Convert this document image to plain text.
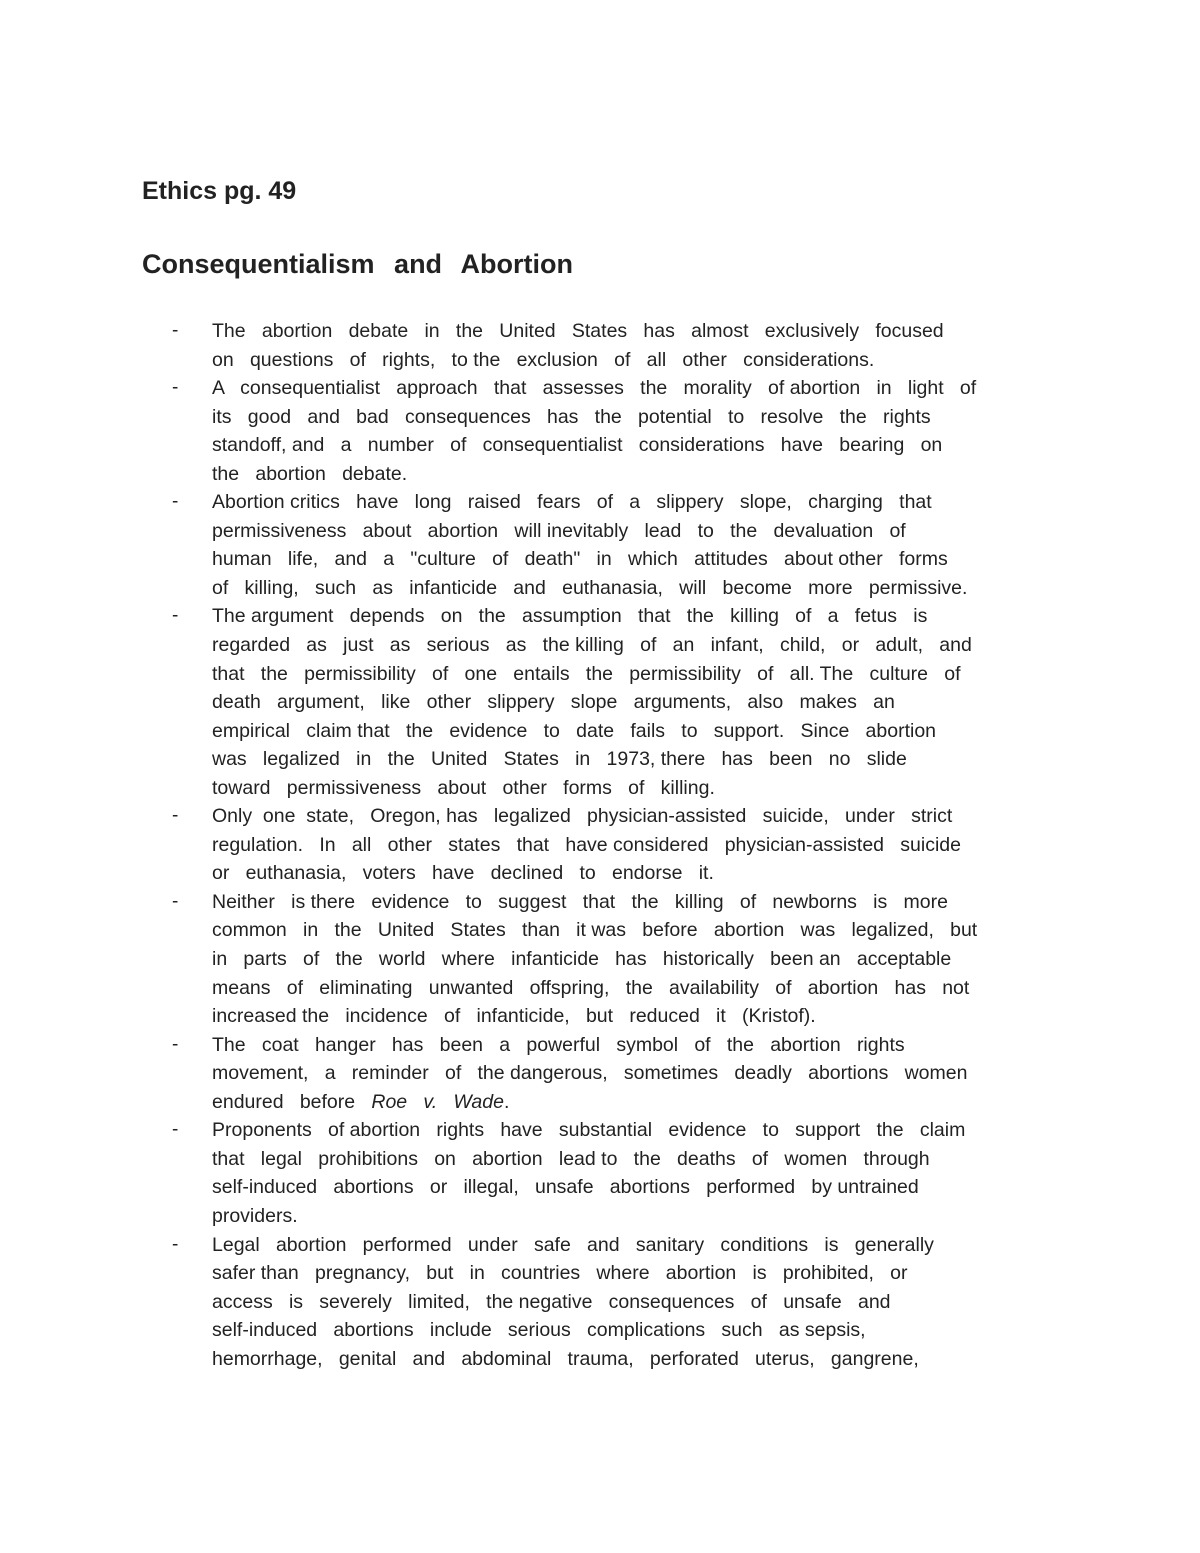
Ethics pg. 49
Consequentialism and Abortion
- The   abortion   debate   in   the   United   States   has   almost   exclusively   focused
on   questions   of   rights,   to the   exclusion   of   all   other   considerations.
- A   consequentialist   approach   that   assesses   the   morality   of abortion   in   light   of
its   good   and   bad   consequences   has   the   potential   to   resolve   the   rights
standoff, and   a   number   of   consequentialist   considerations   have   bearing   on
the   abortion   debate.
- Abortion critics   have   long   raised   fears   of   a   slippery   slope,   charging   that
permissiveness   about   abortion   will inevitably   lead   to   the   devaluation   of
human   life,   and   a   "culture   of   death"   in   which   attitudes   about other   forms
of   killing,   such   as   infanticide   and   euthanasia,   will   become   more   permissive.
- The argument   depends   on   the   assumption   that   the   killing   of   a   fetus   is
regarded   as   just   as   serious   as   the killing   of   an   infant,   child,   or   adult,   and
that   the   permissibility   of   one   entails   the   permissibility   of   all. The   culture   of
death   argument,   like   other   slippery   slope   arguments,   also   makes   an
empirical   claim that   the   evidence   to   date   fails   to   support.   Since   abortion
was   legalized   in   the   United   States   in   1973, there   has   been   no   slide
toward   permissiveness   about   other   forms   of   killing.
- Only  one  state,   Oregon, has   legalized   physician-assisted   suicide,   under   strict
regulation.   In   all   other   states   that   have considered   physician-assisted   suicide
or   euthanasia,   voters   have   declined   to   endorse   it.
- Neither   is there   evidence   to   suggest   that   the   killing   of   newborns   is   more
common   in   the   United   States   than   it was   before   abortion   was   legalized,   but
in   parts   of   the   world   where   infanticide   has   historically   been an   acceptable
means   of   eliminating   unwanted   offspring,   the   availability   of   abortion   has   not
increased the   incidence   of   infanticide,   but   reduced   it   (Kristof).
- The   coat   hanger   has   been   a   powerful   symbol   of   the   abortion   rights
movement,   a   reminder   of   the dangerous,   sometimes   deadly   abortions   women
endured   before   Roe   v.   Wade.
- Proponents   of abortion   rights   have   substantial   evidence   to   support   the   claim
that   legal   prohibitions   on   abortion   lead to   the   deaths   of   women   through
self-induced   abortions   or   illegal,   unsafe   abortions   performed   by untrained
providers.
- Legal   abortion   performed   under   safe   and   sanitary   conditions   is   generally
safer than   pregnancy,   but   in   countries   where   abortion   is   prohibited,   or
access   is   severely   limited,   the negative   consequences   of   unsafe   and
self-induced   abortions   include   serious   complications   such   as sepsis,
hemorrhage,   genital   and   abdominal   trauma,   perforated   uterus,   gangrene,
